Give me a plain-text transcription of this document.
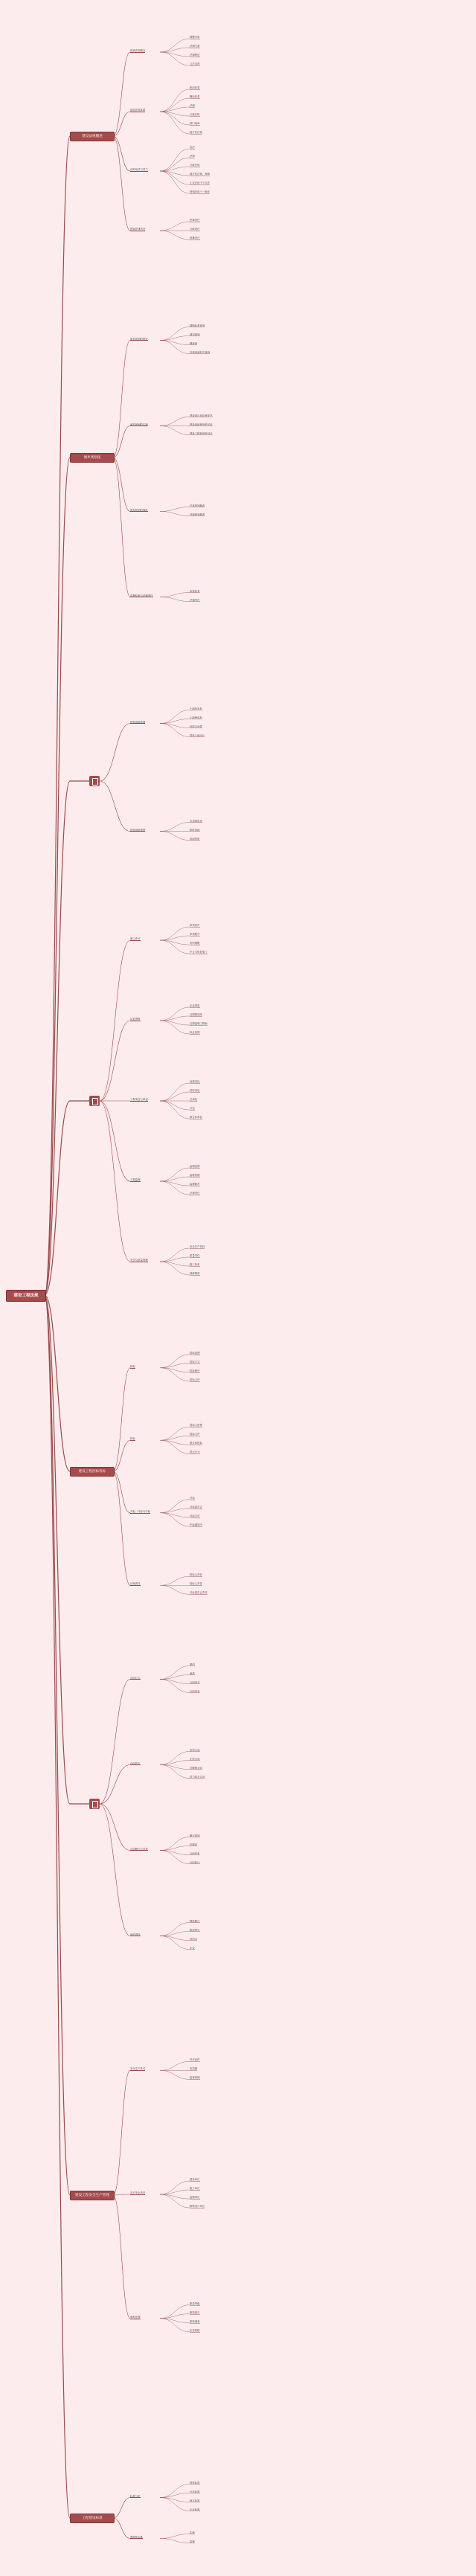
建设工程法规
建设法规概述
建设法规概念
调整对象
法律关系
法律特征
立法目的
建设法规体系
纵向体系
横向体系
法律
行政法规
部门规章
地方性法规
法的形式与效力
宪法
法律
行政法规
地方性法规、规章
上位法优于下位法
特别法优于一般法
建设法律责任
民事责任
行政责任
刑事责任
城乡规划法
城乡规划的制定
城镇体系规划
城市规划
镇规划
乡规划和村庄规划
城乡规划的实施
建设项目选址意见书
建设用地规划许可证
建设工程规划许可证
城乡规划的修改
总体规划修改
详细规划修改
监督检查与法律责任
监督检查
法律责任
建设用地管理
土地所有权
土地使用权
征收与补偿
国有土地出让
建设用地审批
农用地转用
临时用地
用地预审
施工许可
申请条件
申请程序
有效期限
中止与恢复施工
从业资格
企业资质
注册建造师
注册监理工程师
执业范围
工程发包与承包
直接发包
招标发包
总承包
分包
联合体承包
工程监理
监理范围
监理依据
监理职责
法律责任
安全与质量管理
安全生产责任
质量责任
竣工验收
保修制度
建设工程招标投标
招标
招标范围
招标方式
招标程序
招标文件
投标
投标人资格
投标文件
联合体投标
禁止行为
开标、评标与中标
开标
评标委员会
评标方法
中标通知书
法律责任
招标人责任
投标人责任
评标委员会责任
合同订立
要约
承诺
合同形式
合同内容
合同效力
有效合同
无效合同
可撤销合同
效力待定合同
合同履行与变更
履行原则
抗辩权
合同变更
合同转让
违约责任
继续履行
赔偿损失
违约金
定金
建设工程安全生产管理
安全生产许可
许可条件
有效期
监督管理
各方安全责任
建设单位
施工单位
监理单位
勘察设计单位
事故处理
事故等级
事故报告
事故调查
应急救援
工程建设标准
标准分类
国家标准
行业标准
地方标准
企业标准
强制性标准
实施
监督
